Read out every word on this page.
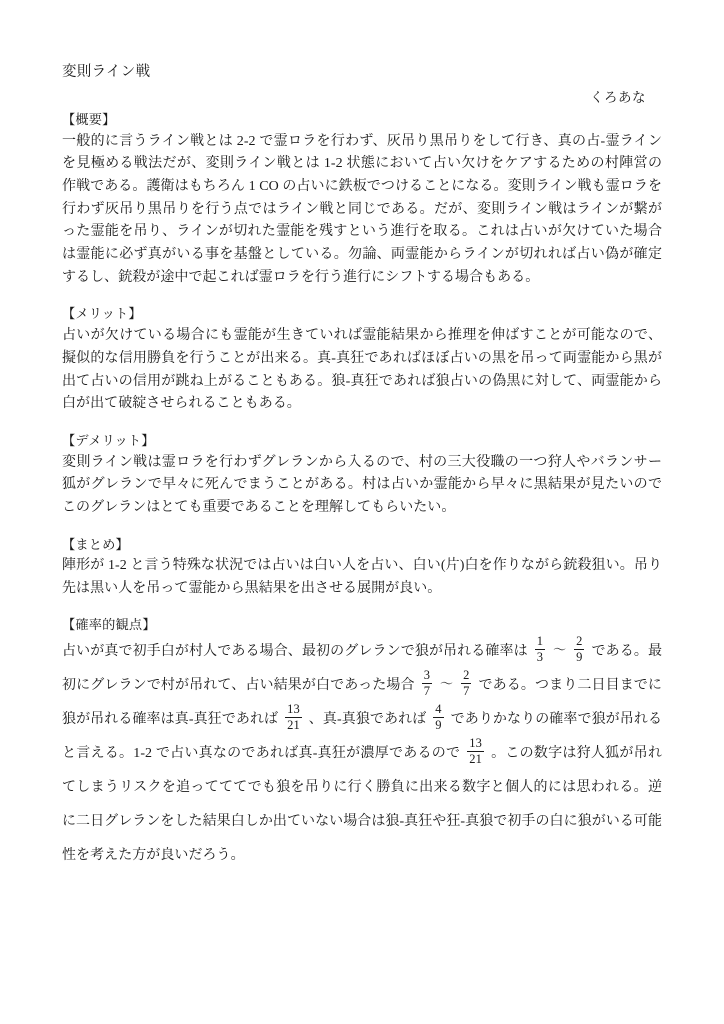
変則ライン戦
くろあな
【概要】

一般的に言うライン戦とは 2-2 で霊ロラを行わず、灰吊り黒吊りをして行き、真の占-霊ラインを見極める戦法だが、変則ライン戦とは 1-2 状態において占い欠けをケアするための村陣営の作戦である。護衛はもちろん 1 CO の占いに鉄板でつけることになる。変則ライン戦も霊ロラを行わず灰吊り黒吊りを行う点ではライン戦と同じである。だが、変則ライン戦はラインが繋がった霊能を吊り、ラインが切れた霊能を残すという進行を取る。これは占いが欠けていた場合は霊能に必ず真がいる事を基盤としている。勿論、両霊能からラインが切れれば占い偽が確定するし、銃殺が途中で起これば霊ロラを行う進行にシフトする場合もある。

【メリット】

占いが欠けている場合にも霊能が生きていれば霊能結果から推理を伸ばすことが可能なので、擬似的な信用勝負を行うことが出来る。真-真狂であればほぼ占いの黒を吊って両霊能から黒が出て占いの信用が跳ね上がることもある。狼-真狂であれば狼占いの偽黒に対して、両霊能から白が出て破綻させられることもある。

【デメリット】

変則ライン戦は霊ロラを行わずグレランから入るので、村の三大役職の一つ狩人やバランサー狐がグレランで早々に死んでまうことがある。村は占いか霊能から早々に黒結果が見たいのでこのグレランはとても重要であることを理解してもらいたい。

【まとめ】

陣形が 1-2 と言う特殊な状況では占いは白い人を占い、白い(片)白を作りながら銃殺狙い。吊り先は黒い人を吊って霊能から黒結果を出させる展開が良い。

【確率的観点】

占いが真で初手白が村人である場合、最初のグレランで狼が吊れる確率は $\frac{1}{3}$ ～ $\frac{2}{9}$ である。最初にグレランで村が吊れて、占い結果が白であった場合 $\frac{3}{7}$ ～ $\frac{2}{7}$ である。つまり二日目までに狼が吊れる確率は真-真狂であれば $\frac{13}{21}$ 、真-真狼であれば $\frac{4}{9}$ でありかなりの確率で狼が吊れると言える。1-2 で占い真なのであれば真-真狂が濃厚であるので $\frac{13}{21}$ 。この数字は狩人狐が吊れてしまうリスクを追ってててでも狼を吊りに行く勝負に出来る数字と個人的には思われる。逆に二日グレランをした結果白しか出ていない場合は狼-真狂や狂-真狼で初手の白に狼がいる可能性を考えた方が良いだろう。
